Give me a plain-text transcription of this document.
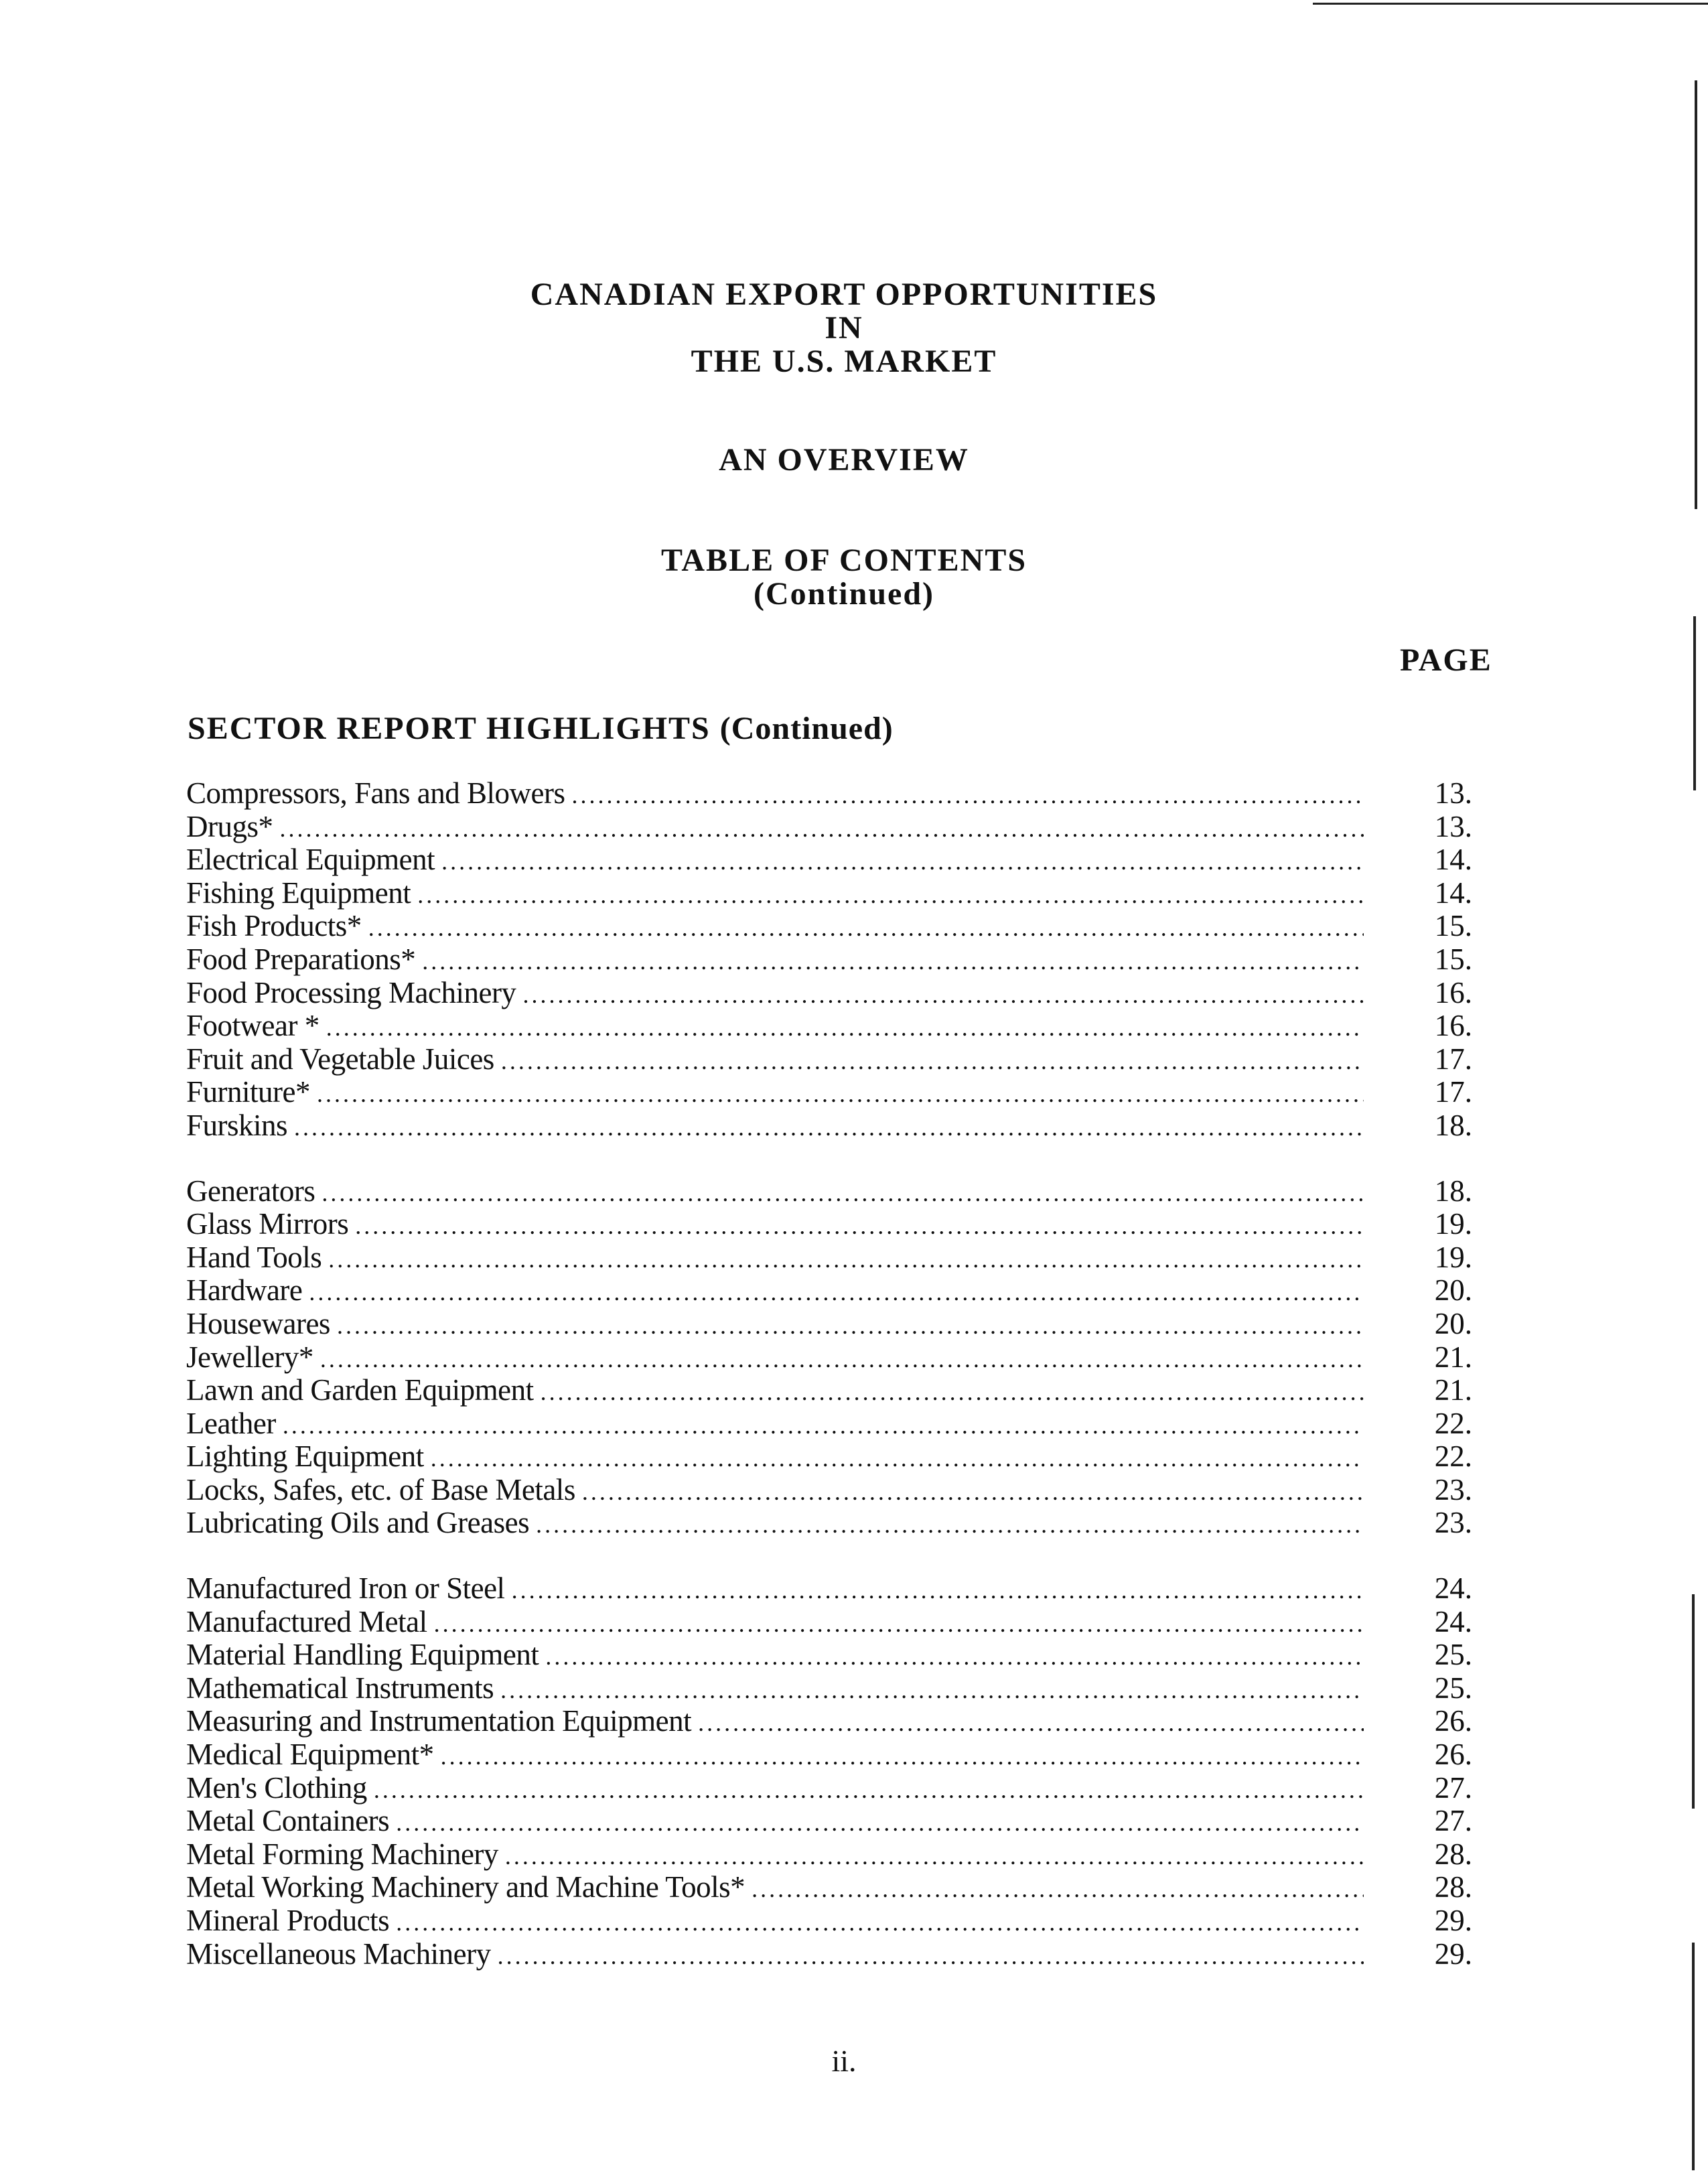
CANADIAN EXPORT OPPORTUNITIES

IN

THE U.S. MARKET

AN OVERVIEW

TABLE OF CONTENTS

(Continued)

PAGE
SECTOR REPORT HIGHLIGHTS (Continued)
Compressors, Fans and Blowers .....	13.
Drugs* .....	13.
Electrical Equipment .....	14.
Fishing Equipment .....	14.
Fish Products* .....	15.
Food Preparations* .....	15.
Food Processing Machinery .....	16.
Footwear * .....	16.
Fruit and Vegetable Juices .....	17.
Furniture* .....	17.
Furskins .....	18.
Generators .....	18.
Glass Mirrors .....	19.
Hand Tools .....	19.
Hardware .....	20.
Housewares .....	20.
Jewellery* .....	21.
Lawn and Garden Equipment .....	21.
Leather .....	22.
Lighting Equipment .....	22.
Locks, Safes, etc. of Base Metals .....	23.
Lubricating Oils and Greases .....	23.
Manufactured Iron or Steel .....	24.
Manufactured Metal .....	24.
Material Handling Equipment .....	25.
Mathematical Instruments .....	25.
Measuring and Instrumentation Equipment .....	26.
Medical Equipment* .....	26.
Men's Clothing .....	27.
Metal Containers .....	27.
Metal Forming Machinery .....	28.
Metal Working Machinery and Machine Tools* .....	28.
Mineral Products .....	29.
Miscellaneous Machinery .....	29.
ii.
